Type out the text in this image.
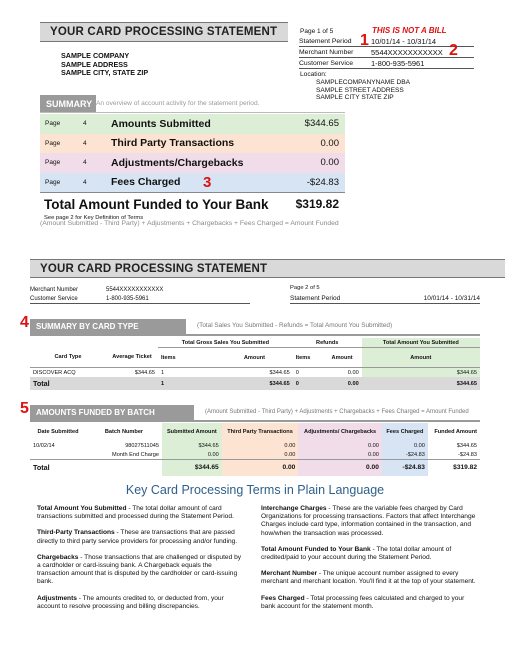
YOUR CARD PROCESSING STATEMENT	Page 1 of 5	THIS IS NOT A BILL
Statement Period	10/01/14 - 10/31/14
Merchant Number	5544XXXXXXXXXXX
Customer Service	1-800-935-5961
1
2
SAMPLE COMPANY
SAMPLE ADDRESS
SAMPLE CITY, STATE ZIP	Location:
SAMPLECOMPANYNAME DBA
SAMPLE STREET ADDRESS
SAMPLE CITY STATE ZIP
SUMMARY An overview of account activity for the statement period.
Page	4	Amounts Submitted	$344.65
Page	4	Third Party Transactions	0.00
Page	4	Adjustments/Chargebacks	0.00
Page	4	Fees Charged	3	-$24.83
Total Amount Funded to Your Bank	$319.82
See page 2 for Key Definition of Terms
(Amount Submitted - Third Party) + Adjustments + Chargebacks + Fees Charged = Amount Funded
YOUR CARD PROCESSING STATEMENT
Merchant Number	5544XXXXXXXXXXX
Customer Service	1-800-935-5961
Page 2 of 5
Statement Period	10/01/14 - 10/31/14
4 SUMMARY BY CARD TYPE	(Total Sales You Submitted - Refunds = Total Amount You Submitted)
		Total Gross Sales You Submitted		Refunds		Total Amount You Submitted
Card Type	Average Ticket	Items	Amount	Items	Amount	Amount
DISCOVER ACQ	$344.65	1	$344.65	0	0.00	$344.65
Total		1	$344.65	0	0.00	$344.65
5 AMOUNTS FUNDED BY BATCH	(Amount Submitted - Third Party) + Adjustments + Chargebacks + Fees Charged = Amount Funded
Date Submitted	Batch Number	Submitted Amount	Third Party Transactions	Adjustments/ Chargebacks	Fees Charged	Funded Amount
10/02/14	98027511045	$344.65	0.00	0.00	0.00	$344.65
	Month End Charge	0.00	0.00	0.00	-$24.83	-$24.83
Total		$344.65	0.00	0.00	-$24.83	$319.82
Key Card Processing Terms in Plain Language
Total Amount You Submitted - The total dollar amount of card transactions submitted and processed during the Statement Period.
Third-Party Transactions - These are transactions that are passed directly to third party service providers for processing and/or funding.
Chargebacks - Those transactions that are challenged or disputed by a cardholder or card-issuing bank. A Chargeback equals the transaction amount that is disputed by the cardholder or card-issuing bank.
Adjustments - The amounts credited to, or deducted from, your account to resolve processing and billing discrepancies.
Interchange Charges - These are the variable fees charged by Card Organizations for processing transactions. Factors that affect Interchange Charges include card type, information contained in the transaction, and how/when the transaction was processed.
Total Amount Funded to Your Bank - The total dollar amount of credited/paid to your account during the Statement Period.
Merchant Number - The unique account number assigned to every merchant and merchant location. You'll find it at the top of your statement.
Fees Charged - Total processing fees calculated and charged to your bank account for the statement month.
